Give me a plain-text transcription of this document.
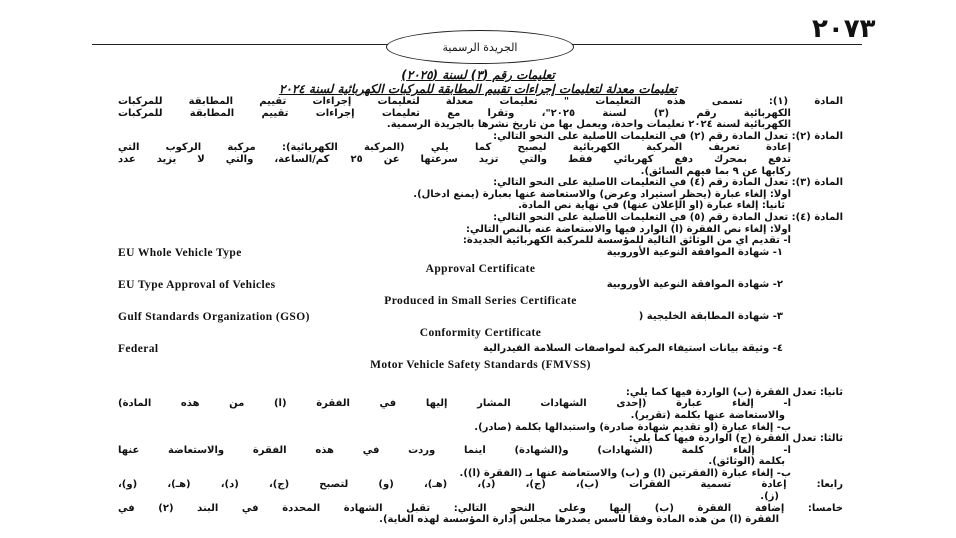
٢٠٧٣
الجريدة الرسمية
تعليمات رقم (٣) لسنة (٢٠٢٥)
تعليمات معدلة لتعليمات إجراءات تقييم المطابقة للمركبات الكهربائية لسنة ٢٠٢٤
المادة (١): تسمى هذه التعليمات " تعليمات معدلة لتعليمات إجراءات تقييم المطابقة للمركبات
الكهربائية رقم (٣) لسنة ٢٠٢٥"، وتقرأ مع تعليمات إجراءات تقييم المطابقة للمركبات
الكهربائية لسنة ٢٠٢٤ تعليمات واحدة، ويعمل بها من تاريخ نشرها بالجريدة الرسمية.
المادة (٢): تعدل المادة رقم (٢) في التعليمات الأصلية على النحو التالي:
إعادة تعريف المركبة الكهربائية ليصبح كما يلي (المركبة الكهربائية): مركبة الركوب التي
تدفع بمحرك دفع كهربائي فقط والتي تزيد سرعتها عن ٢٥ كم/الساعة، والتي لا يزيد عدد
ركابها عن ٩ بما فيهم السائق).
المادة (٣): تعدل المادة رقم (٤) في التعليمات الأصلية على النحو التالي:
أولاً: إلغاء عبارة (يحظر استيراد وعرض) والاستعاضة عنها بعبارة (يمنع ادخال).
ثانياً: إلغاء عبارة (أو الإعلان عنها) في نهاية نص المادة.
المادة (٤): تعدل المادة رقم (٥) في التعليمات الأصلية على النحو التالي:
أولاً: إلغاء نص الفقرة (أ) الوارد فيها والاستعاضة عنه بالنص التالي:
أ- تقديم أي من الوثائق التالية للمؤسسة للمركبة الكهربائية الجديدة:
١- شهادة الموافقة النوعية الأوروبية
EU Whole Vehicle Type
Approval Certificate
٢- شهادة الموافقة النوعية الأوروبية
EU Type Approval of Vehicles
Produced in Small Series Certificate
٣- شهادة المطابقة الخليجية (
Gulf Standards Organization (GSO)
Conformity Certificate
٤- وثيقة بيانات استيفاء المركبة لمواصفات السلامة الفيدرالية
Federal
Motor Vehicle Safety Standards (FMVSS)
ثانياً: تعدل الفقرة (ب) الواردة فيها كما يلي:
أ- إلغاء عبارة (إحدى الشهادات المشار إليها في الفقرة (أ) من هذه المادة)
والاستعاضة عنها بكلمة (تقرير).
ب- إلغاء عبارة (أو تقديم شهادة صادرة) واستبدالها بكلمة (صادر).
ثالثاً: تعدل الفقرة (ج) الواردة فيها كما يلي:
أ- إلغاء كلمة (الشهادات) و(الشهادة) أينما وردت في هذه الفقرة والاستعاضة عنها
بكلمة (الوثائق).
ب- إلغاء عبارة (الفقرتين (أ) و (ب) والاستعاضة عنها بـ (الفقرة (أ)).
رابعاً: إعادة تسمية الفقرات (ب)، (ج)، (د)، (هـ)، (و) لتصبح (ج)، (د)، (هـ)، (و)،
(ز).
خامساً: إضافة الفقرة (ب) إليها وعلى النحو التالي: تقبل الشهادة المحددة في البند (٢) في
الفقرة (أ) من هذه المادة وفقاً لأسس يصدرها مجلس إدارة المؤسسة لهذه الغاية).
